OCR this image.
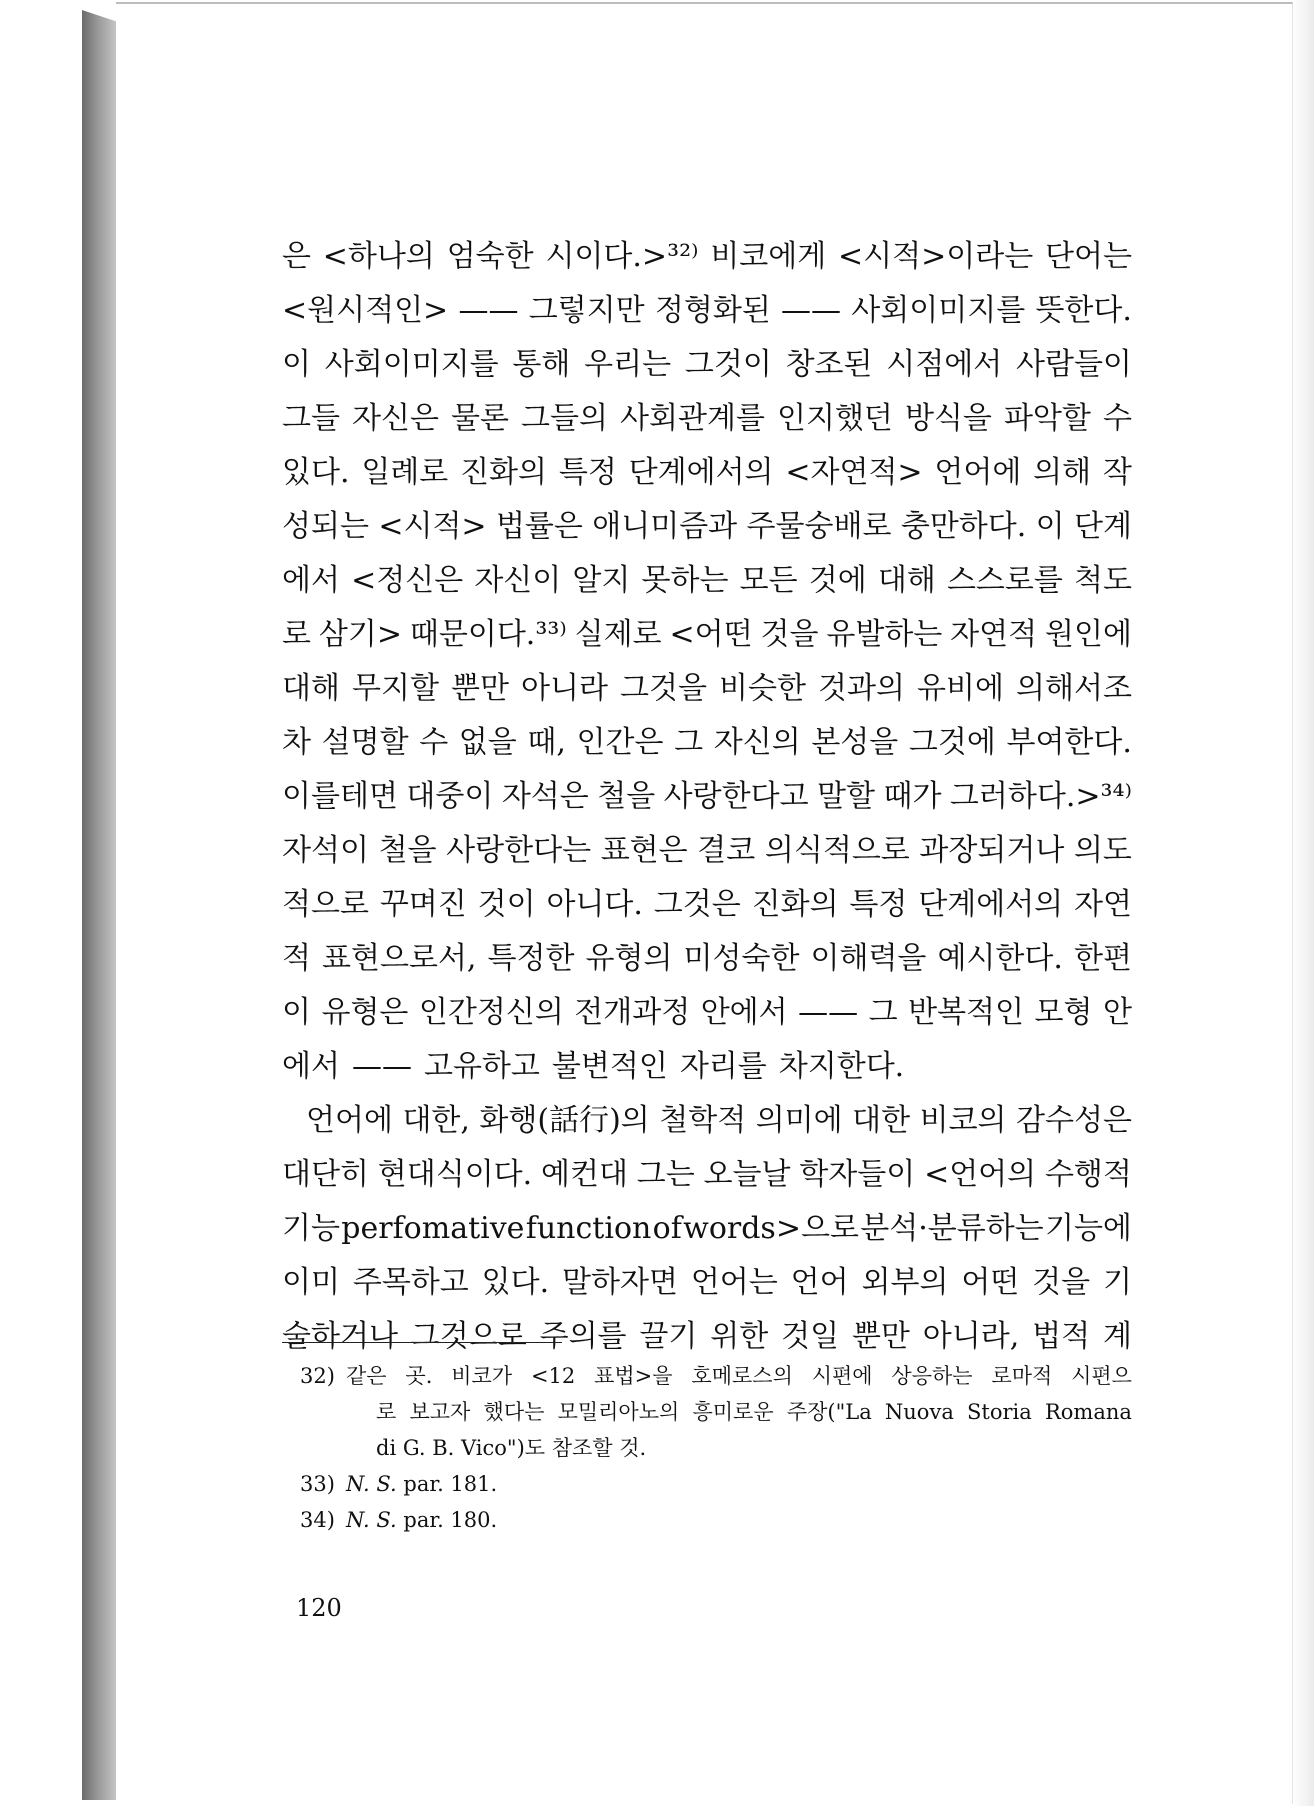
은 <하나의 엄숙한 시이다.>³²⁾ 비코에게 <시적>이라는 단어는
<원시적인> —— 그렇지만 정형화된 —— 사회이미지를 뜻한다.
이 사회이미지를 통해 우리는 그것이 창조된 시점에서 사람들이
그들 자신은 물론 그들의 사회관계를 인지했던 방식을 파악할 수
있다. 일례로 진화의 특정 단계에서의 <자연적> 언어에 의해 작
성되는 <시적> 법률은 애니미즘과 주물숭배로 충만하다. 이 단계
에서 <정신은 자신이 알지 못하는 모든 것에 대해 스스로를 척도
로 삼기> 때문이다.³³⁾ 실제로 <어떤 것을 유발하는 자연적 원인에
대해 무지할 뿐만 아니라 그것을 비슷한 것과의 유비에 의해서조
차 설명할 수 없을 때, 인간은 그 자신의 본성을 그것에 부여한다.
이를테면 대중이 자석은 철을 사랑한다고 말할 때가 그러하다.>³⁴⁾
자석이 철을 사랑한다는 표현은 결코 의식적으로 과장되거나 의도
적으로 꾸며진 것이 아니다. 그것은 진화의 특정 단계에서의 자연
적 표현으로서, 특정한 유형의 미성숙한 이해력을 예시한다. 한편
이 유형은 인간정신의 전개과정 안에서 —— 그 반복적인 모형 안
에서 —— 고유하고 불변적인 자리를 차지한다.
언어에 대한, 화행(話行)의 철학적 의미에 대한 비코의 감수성은
대단히 현대식이다. 예컨대 그는 오늘날 학자들이 <언어의 수행적
기능 perfomative function of words>으로 분석·분류하는 기능에
이미 주목하고 있다. 말하자면 언어는 언어 외부의 어떤 것을 기
술하거나 그것으로 주의를 끌기 위한 것일 뿐만 아니라, 법적 계
32) 같은 곳. 비코가 <12 표법>을 호메로스의 시편에 상응하는 로마적 시편으
로 보고자 했다는 모밀리아노의 흥미로운 주장("La Nuova Storia Romana
di G. B. Vico")도 참조할 것.
33) N. S. par. 181.
34) N. S. par. 180.
120
